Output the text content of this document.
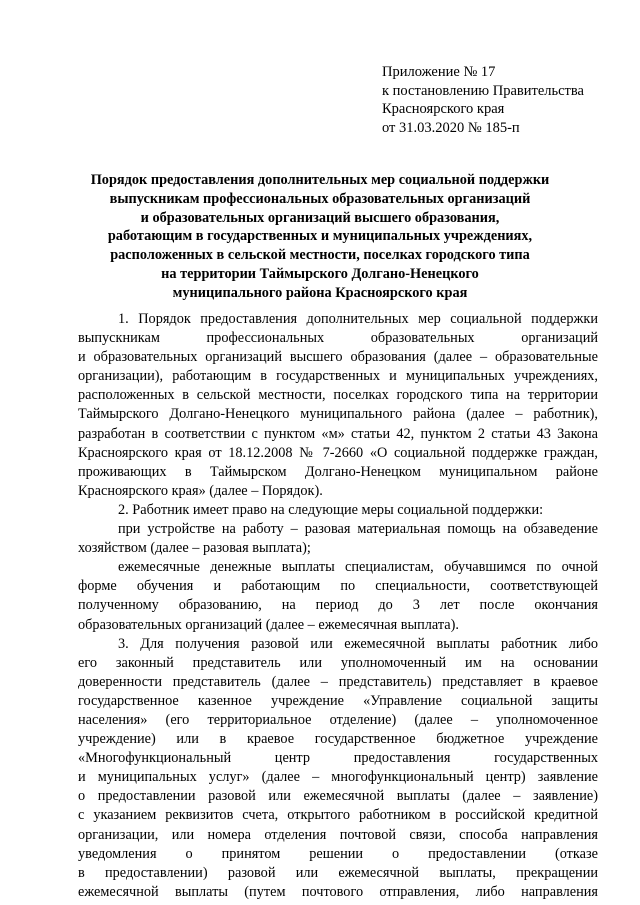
Приложение № 17
к постановлению Правительства
Красноярского края
от 31.03.2020 № 185-п
Порядок предоставления дополнительных мер социальной поддержки
выпускникам профессиональных образовательных организаций
и образовательных организаций высшего образования,
работающим в государственных и муниципальных учреждениях,
расположенных в сельской местности, поселках городского типа
на территории Таймырского Долгано-Ненецкого
муниципального района Красноярского края
1. Порядок предоставления дополнительных мер социальной поддержки
выпускникам профессиональных образовательных организаций
и образовательных организаций высшего образования (далее – образовательные
организации), работающим в государственных и муниципальных учреждениях,
расположенных в сельской местности, поселках городского типа на территории
Таймырского Долгано-Ненецкого муниципального района (далее – работник),
разработан в соответствии с пунктом «м» статьи 42, пунктом 2 статьи 43 Закона
Красноярского края от 18.12.2008 № 7-2660 «О социальной поддержке граждан,
проживающих в Таймырском Долгано-Ненецком муниципальном районе
Красноярского края» (далее – Порядок).
2. Работник имеет право на следующие меры социальной поддержки:
при устройстве на работу – разовая материальная помощь на обзаведение
хозяйством (далее – разовая выплата);
ежемесячные денежные выплаты специалистам, обучавшимся по очной
форме обучения и работающим по специальности, соответствующей
полученному образованию, на период до 3 лет после окончания
образовательных организаций (далее – ежемесячная выплата).
3. Для получения разовой или ежемесячной выплаты работник либо
его законный представитель или уполномоченный им на основании
доверенности представитель (далее – представитель) представляет в краевое
государственное казенное учреждение «Управление социальной защиты
населения» (его территориальное отделение) (далее – уполномоченное
учреждение) или в краевое государственное бюджетное учреждение
«Многофункциональный центр предоставления государственных
и муниципальных услуг» (далее – многофункциональный центр) заявление
о предоставлении разовой или ежемесячной выплаты (далее – заявление)
с указанием реквизитов счета, открытого работником в российской кредитной
организации, или номера отделения почтовой связи, способа направления
уведомления о принятом решении о предоставлении (отказе
в предоставлении) разовой или ежемесячной выплаты, прекращении
ежемесячной выплаты (путем почтового отправления, либо направления
